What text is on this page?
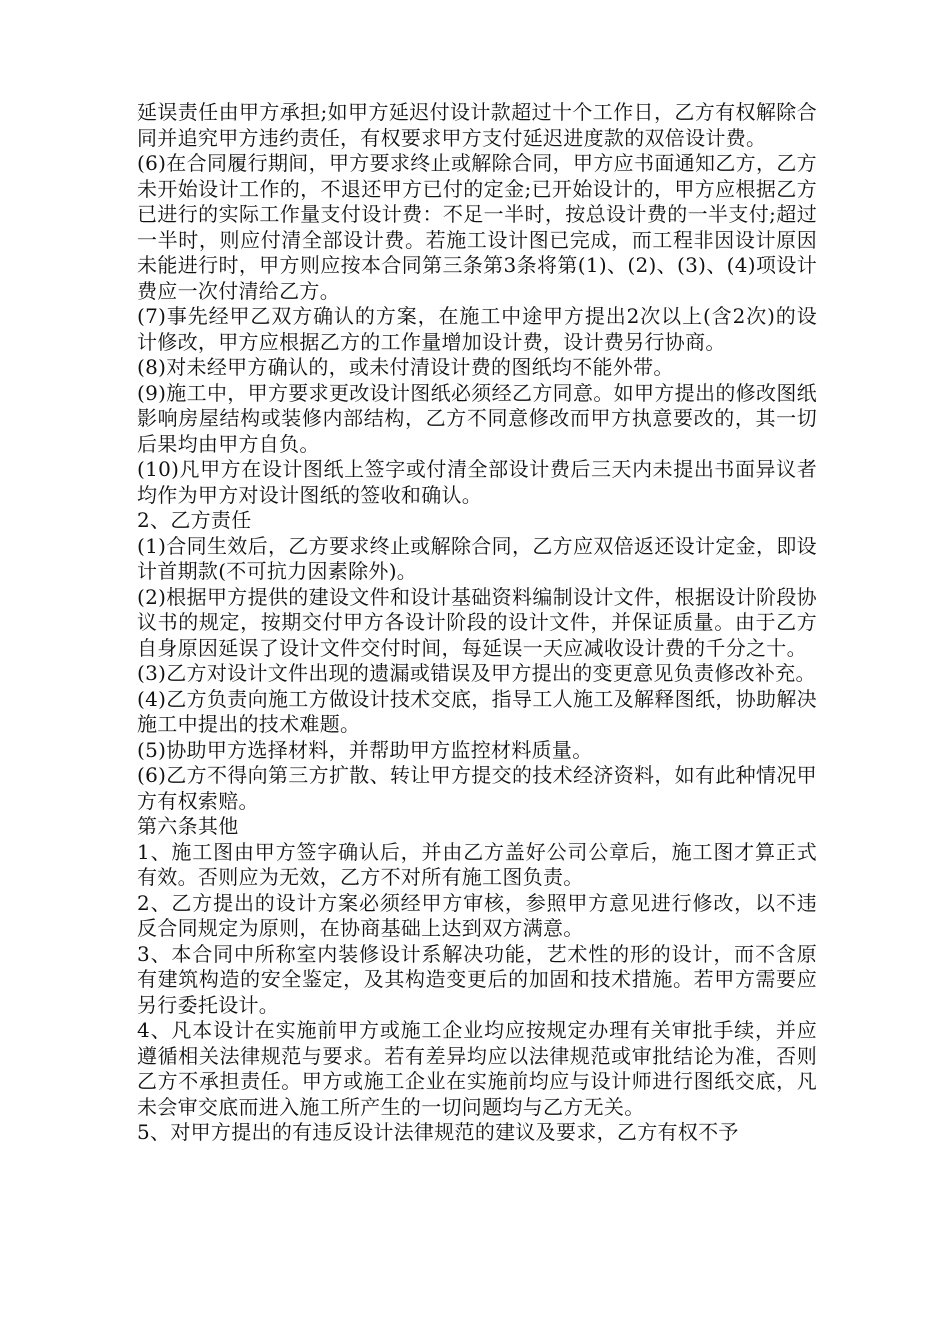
延误责任由甲方承担;如甲方延迟付设计款超过十个工作日，乙方有权解除合同并追究甲方违约责任，有权要求甲方支付延迟进度款的双倍设计费。

(6)在合同履行期间，甲方要求终止或解除合同，甲方应书面通知乙方，乙方未开始设计工作的，不退还甲方已付的定金;已开始设计的，甲方应根据乙方已进行的实际工作量支付设计费：不足一半时，按总设计费的一半支付;超过一半时，则应付清全部设计费。若施工设计图已完成，而工程非因设计原因未能进行时，甲方则应按本合同第三条第3条将第(1)、(2)、(3)、(4)项设计费应一次付清给乙方。

(7)事先经甲乙双方确认的方案，在施工中途甲方提出2次以上(含2次)的设计修改，甲方应根据乙方的工作量增加设计费，设计费另行协商。

(8)对未经甲方确认的，或未付清设计费的图纸均不能外带。

(9)施工中，甲方要求更改设计图纸必须经乙方同意。如甲方提出的修改图纸影响房屋结构或装修内部结构，乙方不同意修改而甲方执意要改的，其一切后果均由甲方自负。

(10)凡甲方在设计图纸上签字或付清全部设计费后三天内未提出书面异议者均作为甲方对设计图纸的签收和确认。

2、乙方责任

(1)合同生效后，乙方要求终止或解除合同，乙方应双倍返还设计定金，即设计首期款(不可抗力因素除外)。

(2)根据甲方提供的建设文件和设计基础资料编制设计文件，根据设计阶段协议书的规定，按期交付甲方各设计阶段的设计文件，并保证质量。由于乙方自身原因延误了设计文件交付时间，每延误一天应减收设计费的千分之十。

(3)乙方对设计文件出现的遗漏或错误及甲方提出的变更意见负责修改补充。

(4)乙方负责向施工方做设计技术交底，指导工人施工及解释图纸，协助解决施工中提出的技术难题。

(5)协助甲方选择材料，并帮助甲方监控材料质量。

(6)乙方不得向第三方扩散、转让甲方提交的技术经济资料，如有此种情况甲方有权索赔。

第六条其他

1、施工图由甲方签字确认后，并由乙方盖好公司公章后，施工图才算正式有效。否则应为无效，乙方不对所有施工图负责。

2、乙方提出的设计方案必须经甲方审核，参照甲方意见进行修改，以不违反合同规定为原则，在协商基础上达到双方满意。

3、本合同中所称室内装修设计系解决功能，艺术性的形的设计，而不含原有建筑构造的安全鉴定，及其构造变更后的加固和技术措施。若甲方需要应另行委托设计。

4、凡本设计在实施前甲方或施工企业均应按规定办理有关审批手续，并应遵循相关法律规范与要求。若有差异均应以法律规范或审批结论为准，否则乙方不承担责任。甲方或施工企业在实施前均应与设计师进行图纸交底，凡未会审交底而进入施工所产生的一切问题均与乙方无关。

5、对甲方提出的有违反设计法律规范的建议及要求，乙方有权不予
